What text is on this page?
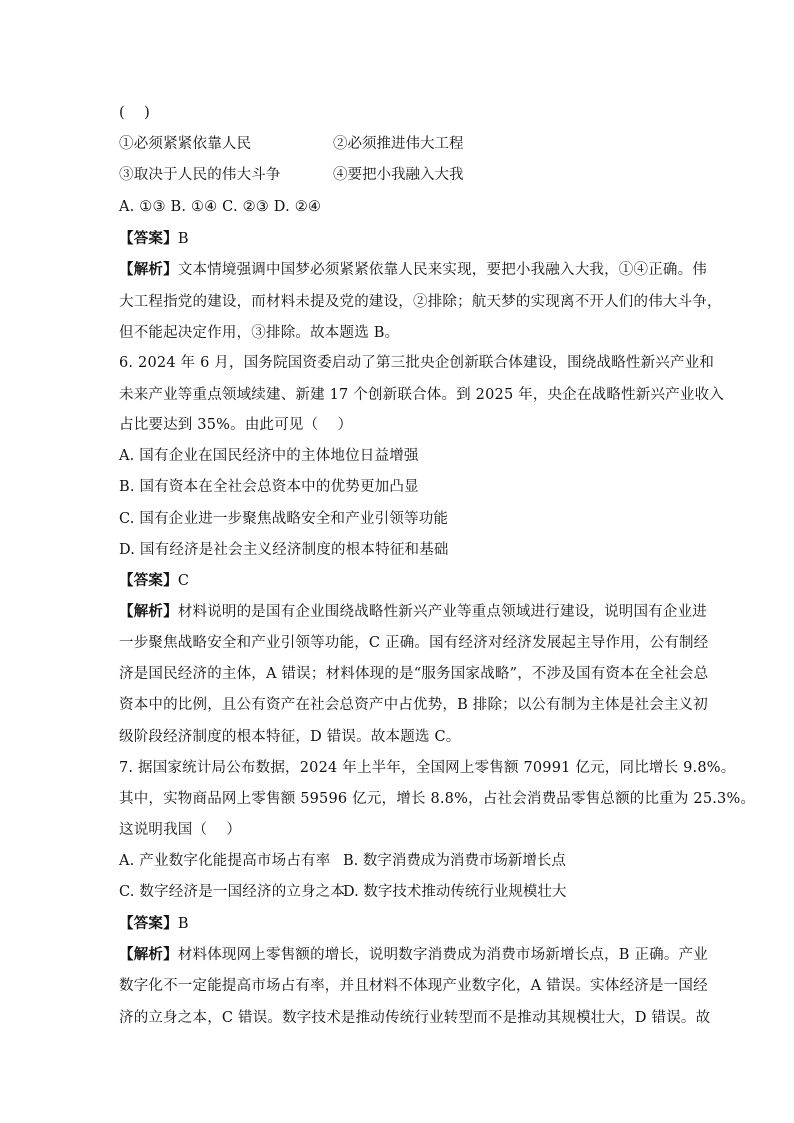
(    )
①必须紧紧依靠人民	②必须推进伟大工程
③取决于人民的伟大斗争	④要把小我融入大我
A. ①③ B. ①④ C. ②③ D. ②④
【答案】B
【解析】文本情境强调中国梦必须紧紧依靠人民来实现，要把小我融入大我，①④正确。伟
大工程指党的建设，而材料未提及党的建设，②排除；航天梦的实现离不开人们的伟大斗争，
但不能起决定作用，③排除。故本题选 B。
6. 2024 年 6 月，国务院国资委启动了第三批央企创新联合体建设，围绕战略性新兴产业和
未来产业等重点领域续建、新建 17 个创新联合体。到 2025 年，央企在战略性新兴产业收入
占比要达到 35%。由此可见（    ）
A. 国有企业在国民经济中的主体地位日益增强
B. 国有资本在全社会总资本中的优势更加凸显
C. 国有企业进一步聚焦战略安全和产业引领等功能
D. 国有经济是社会主义经济制度的根本特征和基础
【答案】C
【解析】材料说明的是国有企业围绕战略性新兴产业等重点领域进行建设，说明国有企业进
一步聚焦战略安全和产业引领等功能，C 正确。国有经济对经济发展起主导作用，公有制经
济是国民经济的主体，A 错误；材料体现的是“服务国家战略”，不涉及国有资本在全社会总
资本中的比例，且公有资产在社会总资产中占优势，B 排除；以公有制为主体是社会主义初
级阶段经济制度的根本特征，D 错误。故本题选 C。
7. 据国家统计局公布数据，2024 年上半年，全国网上零售额 70991 亿元，同比增长 9.8%。
其中，实物商品网上零售额 59596 亿元，增长 8.8%，占社会消费品零售总额的比重为 25.3%。
这说明我国（    ）
A. 产业数字化能提高市场占有率 B. 数字消费成为消费市场新增长点
C. 数字经济是一国经济的立身之本
D. 数字技术推动传统行业规模壮大
【答案】B
【解析】材料体现网上零售额的增长，说明数字消费成为消费市场新增长点，B 正确。产业
数字化不一定能提高市场占有率，并且材料不体现产业数字化，A 错误。实体经济是一国经
济的立身之本，C 错误。数字技术是推动传统行业转型而不是推动其规模壮大，D 错误。故
